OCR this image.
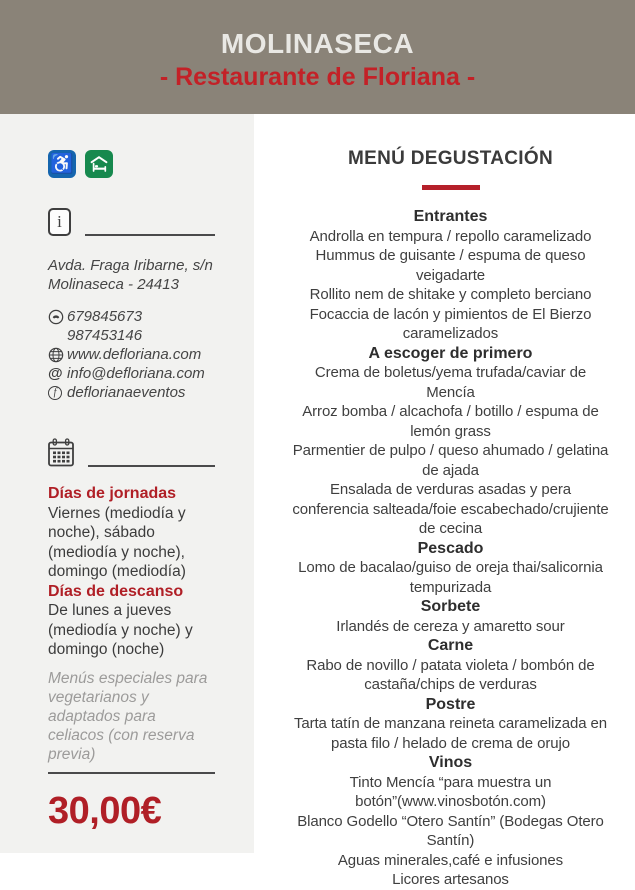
MOLINASECA
- Restaurante de Floriana -
♿
i
Avda. Fraga Iribarne, s/n
Molinaseca - 24413
679845673
987453146
www.defloriana.com
@ info@defloriana.com
f deflorianaeventos
Días de jornadas
Viernes (mediodía y noche), sábado (mediodía y noche), domingo (mediodía)
Días de descanso
De lunes a jueves (mediodía y noche) y domingo (noche)
Menús especiales para vegetarianos y adaptados para celiacos (con reserva previa)
30,00€
MENÚ DEGUSTACIÓN
Entrantes
Androlla en tempura / repollo caramelizado
Hummus de guisante / espuma de queso veigadarte
Rollito nem de shitake y completo berciano
Focaccia de lacón y pimientos de El Bierzo caramelizados
A escoger de primero
Crema de boletus/yema trufada/caviar de Mencía
Arroz bomba / alcachofa / botillo / espuma de lemón grass
Parmentier de pulpo / queso ahumado / gelatina de ajada
Ensalada de verduras asadas y pera conferencia salteada/foie escabechado/crujiente de cecina
Pescado
Lomo de bacalao/guiso de oreja thai/salicornia tempurizada
Sorbete
Irlandés de cereza y amaretto sour
Carne
Rabo de novillo / patata violeta / bombón de castaña/chips de verduras
Postre
Tarta tatín de manzana reineta caramelizada en pasta filo / helado de crema de orujo
Vinos
Tinto Mencía “para muestra un botón”(www.vinosbotón.com)
Blanco Godello “Otero Santín” (Bodegas Otero Santín)
Aguas minerales,café e infusiones
Licores artesanos
